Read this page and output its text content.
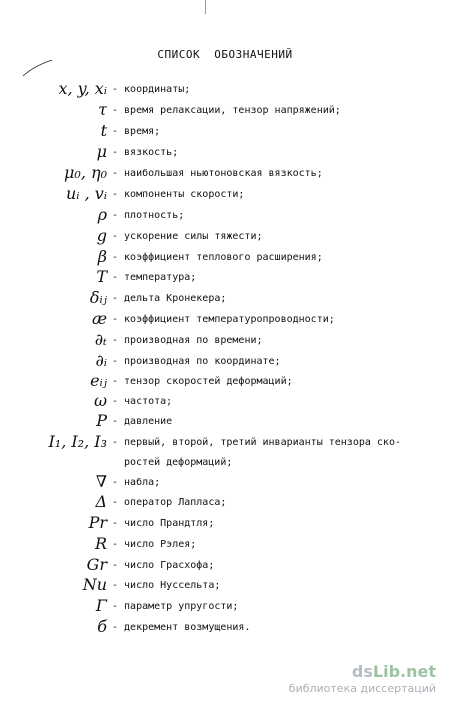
СПИСОК  ОБОЗНАЧЕНИЙ
x, y, xᵢ - координаты;
τ - время релаксации, тензор напряжений;
t - время;
μ - вязкость;
μ₀, η₀ - наибольшая ньютоновская вязкость;
uᵢ , vᵢ - компоненты скорости;
ρ - плотность;
g - ускорение силы тяжести;
β - коэффициент теплового расширения;
T - температура;
δᵢⱼ - дельта Кронекера;
æ - коэффициент температуропроводности;
∂ₜ - производная по времени;
∂ᵢ - производная по координате;
eᵢⱼ - тензор скоростей деформаций;
ω - частота;
P - давление
I₁, I₂, I₃ - первый, второй, третий инварианты тензора ско-
ростей деформаций;
∇ - набла;
Δ - оператор Лапласа;
Pr - число Прандтля;
R - число Рэлея;
Gr - число Грасхофа;
Nu - число Нуссельта;
Γ - параметр упругости;
б - декремент возмущения.
dsLib.net
библиотека диссертаций
